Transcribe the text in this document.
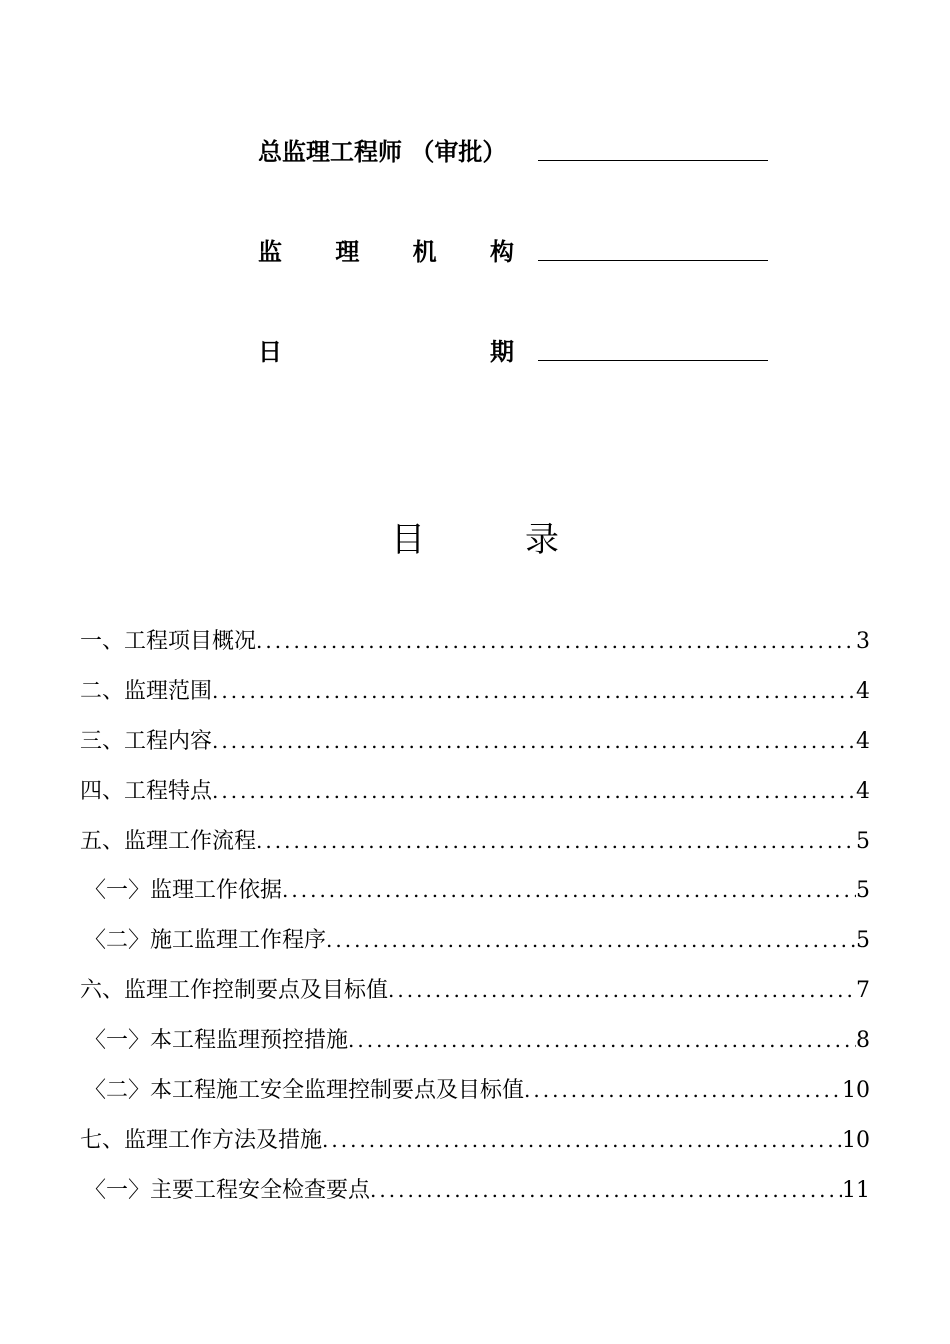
总监理工程师 （审批）
监 理 机 构
日	期
目	录
一、工程项目概况 .....	3
二、监理范围 .....	4
三、工程内容 .....	4
四、工程特点 .....	4
五、监理工作流程 .....	5
〈一〉监理工作依据 .....	5
〈二〉施工监理工作程序 .....	5
六、监理工作控制要点及目标值 .....	7
〈一〉本工程监理预控措施 .....	8
〈二〉本工程施工安全监理控制要点及目标值 .....	10
七、监理工作方法及措施 .....	10
〈一〉主要工程安全检查要点 .....	11
